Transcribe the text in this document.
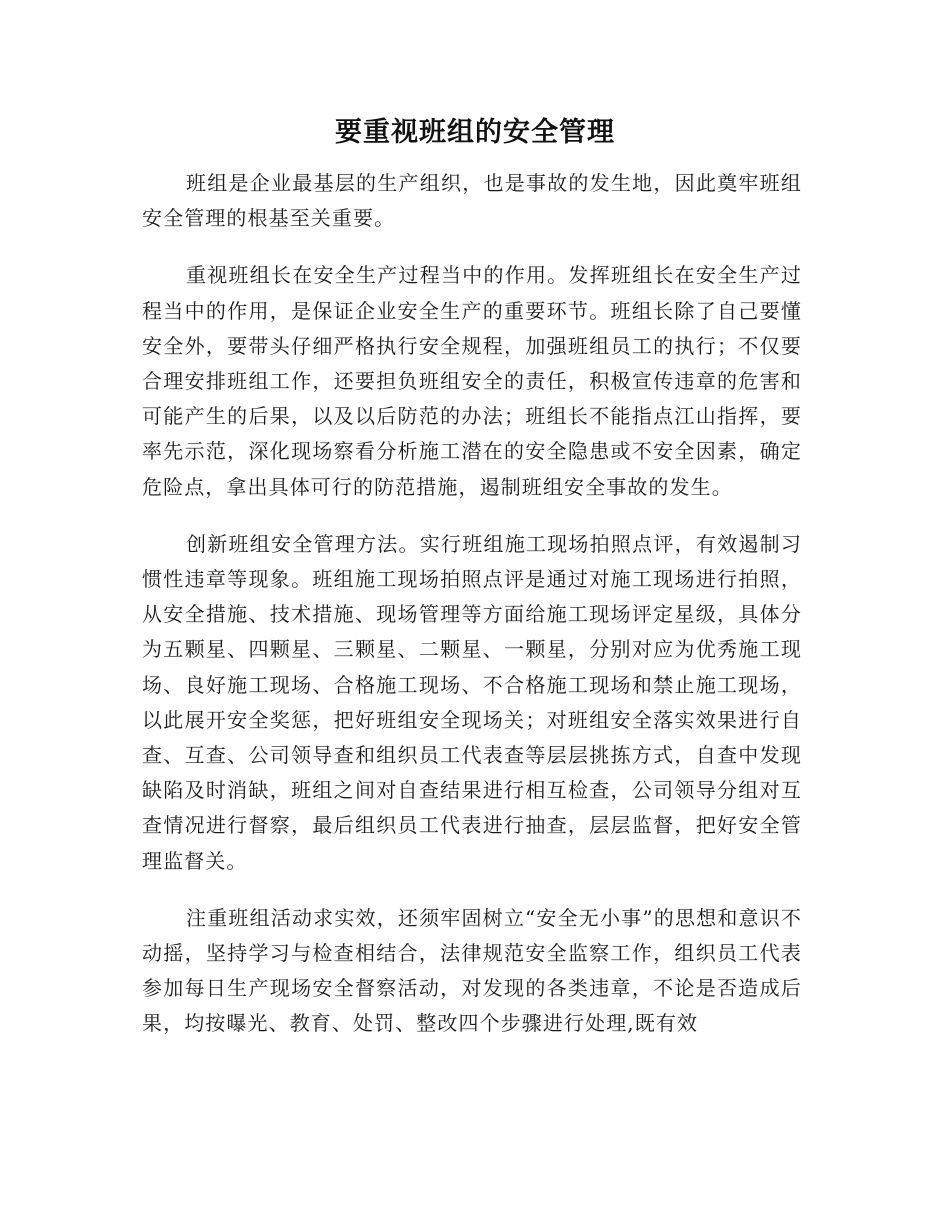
要重视班组的安全管理

班组是企业最基层的生产组织，也是事故的发生地，因此奠牢班组安全管理的根基至关重要。

重视班组长在安全生产过程当中的作用。发挥班组长在安全生产过程当中的作用，是保证企业安全生产的重要环节。班组长除了自己要懂安全外，要带头仔细严格执行安全规程，加强班组员工的执行；不仅要合理安排班组工作，还要担负班组安全的责任，积极宣传违章的危害和可能产生的后果，以及以后防范的办法；班组长不能指点江山指挥，要率先示范，深化现场察看分析施工潜在的安全隐患或不安全因素，确定危险点，拿出具体可行的防范措施，遏制班组安全事故的发生。

创新班组安全管理方法。实行班组施工现场拍照点评，有效遏制习惯性违章等现象。班组施工现场拍照点评是通过对施工现场进行拍照，从安全措施、技术措施、现场管理等方面给施工现场评定星级，具体分为五颗星、四颗星、三颗星、二颗星、一颗星，分别对应为优秀施工现场、良好施工现场、合格施工现场、不合格施工现场和禁止施工现场，以此展开安全奖惩，把好班组安全现场关；对班组安全落实效果进行自查、互查、公司领导查和组织员工代表查等层层挑拣方式，自查中发现缺陷及时消缺，班组之间对自查结果进行相互检查，公司领导分组对互查情况进行督察，最后组织员工代表进行抽查，层层监督，把好安全管理监督关。

注重班组活动求实效，还须牢固树立“安全无小事”的思想和意识不动摇，坚持学习与检查相结合，法律规范安全监察工作，组织员工代表参加每日生产现场安全督察活动，对发现的各类违章，不论是否造成后果，均按曝光、教育、处罚、整改四个步骤进行处理,既有效
